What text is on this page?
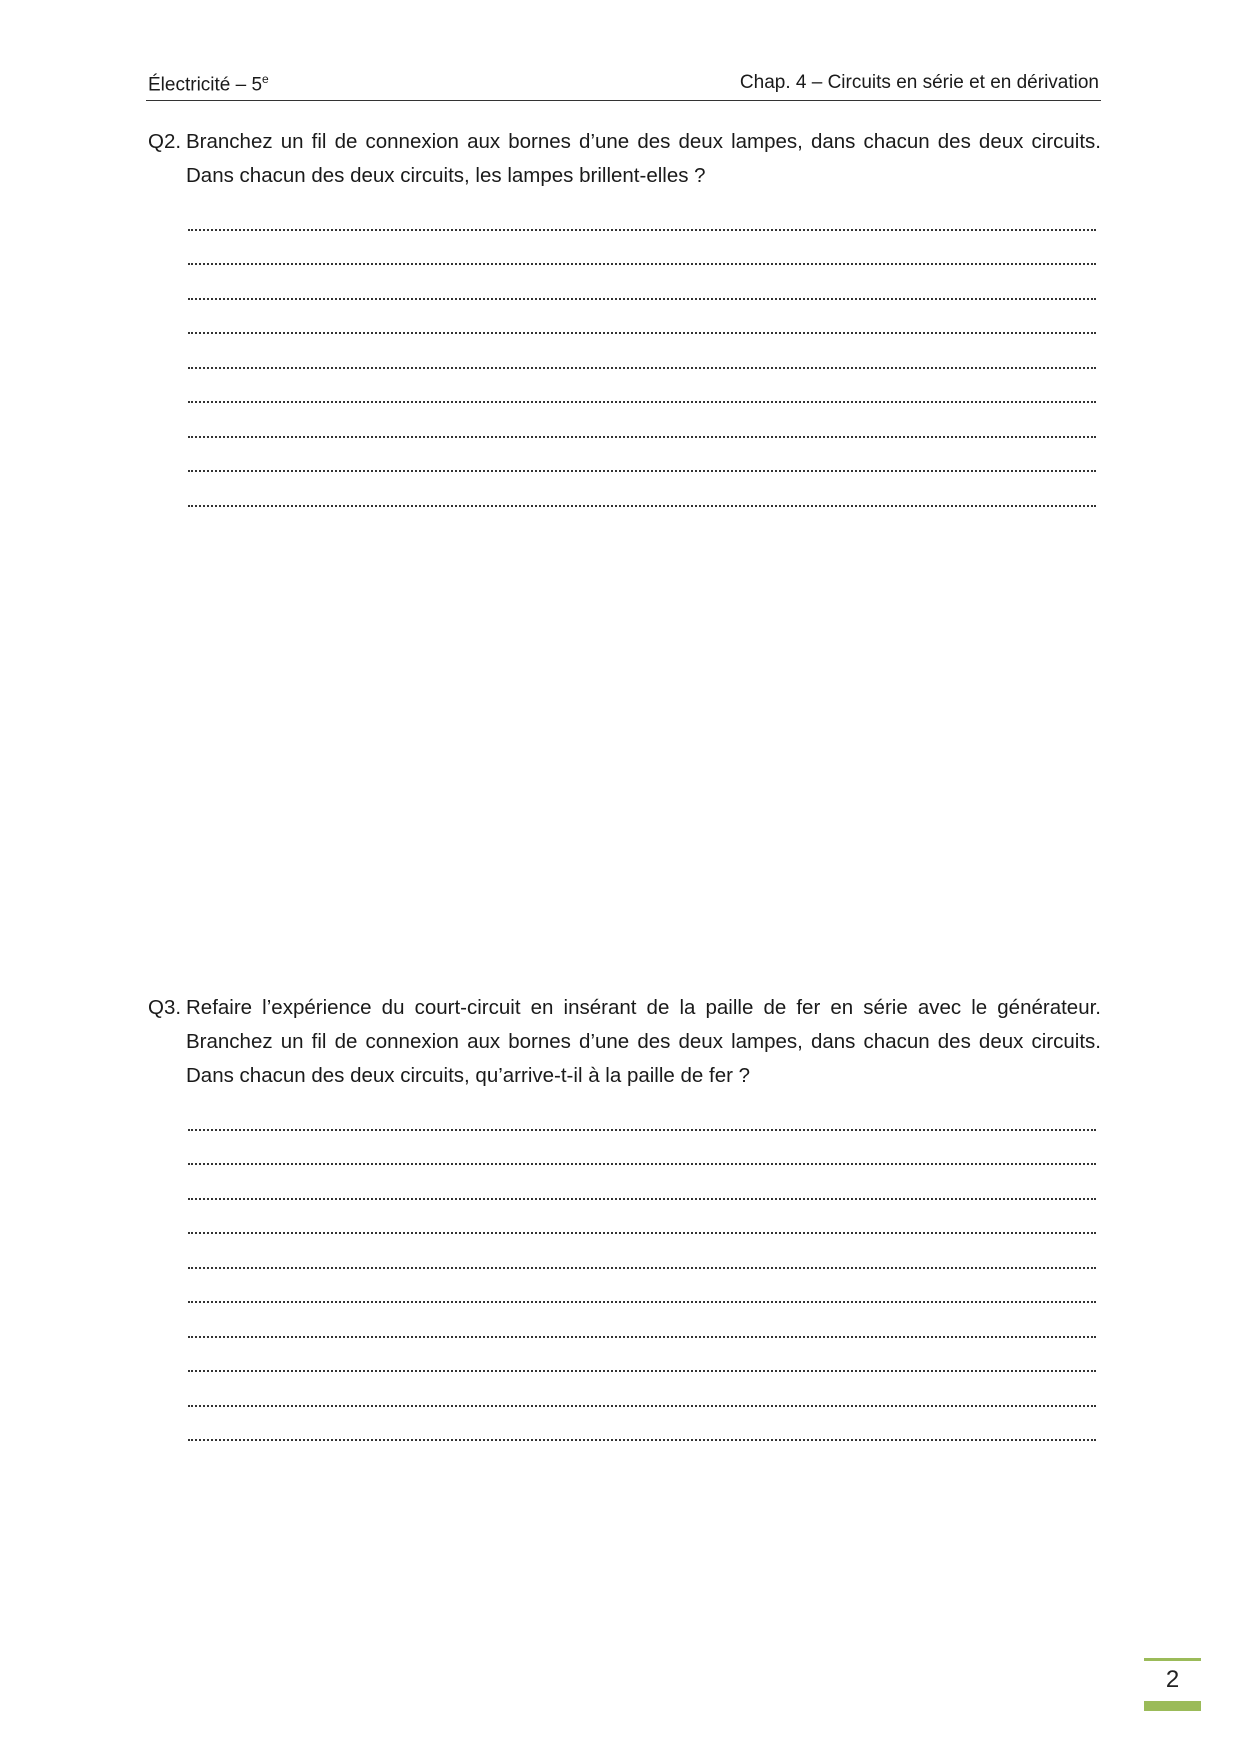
Électricité – 5e	Chap. 4 – Circuits en série et en dérivation
Q2. Branchez un fil de connexion aux bornes d’une des deux lampes, dans chacun des deux circuits. Dans chacun des deux circuits, les lampes brillent-elles ?
Q3. Refaire l’expérience du court-circuit en insérant de la paille de fer en série avec le générateur. Branchez un fil de connexion aux bornes d’une des deux lampes, dans chacun des deux circuits. Dans chacun des deux circuits, qu’arrive-t-il à la paille de fer ?
2
